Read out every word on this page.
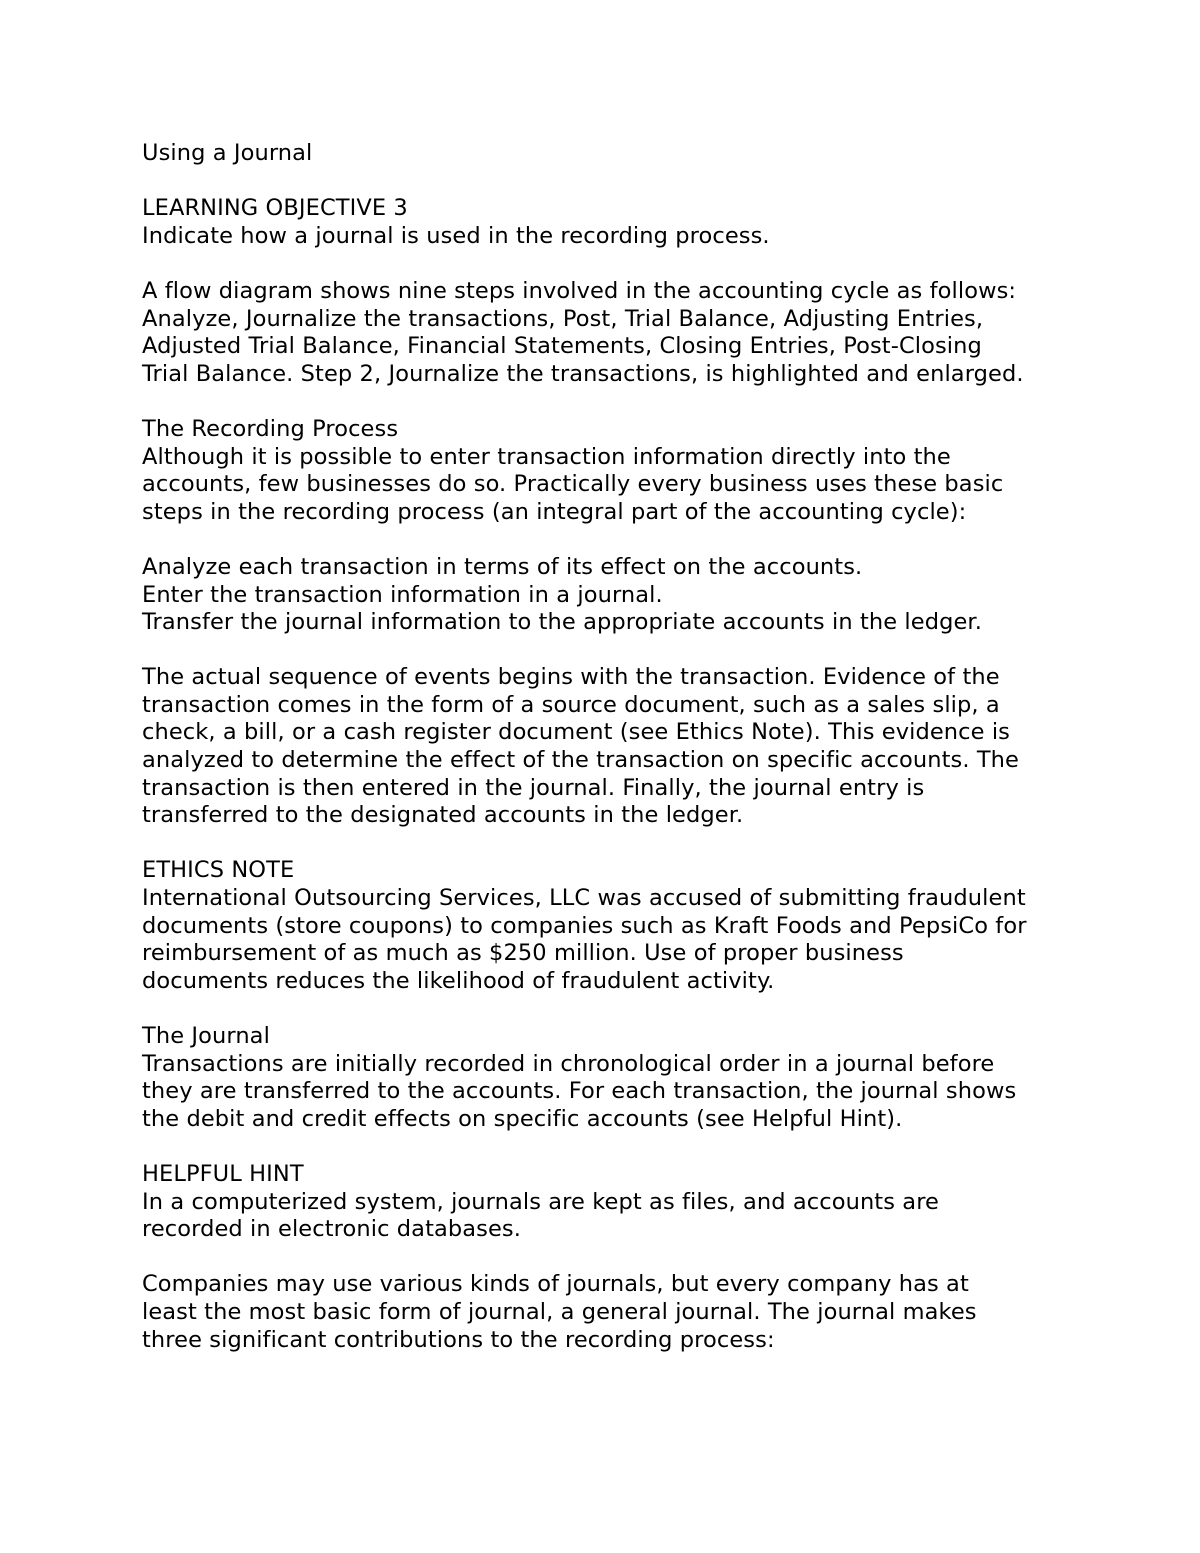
Using a Journal
LEARNING OBJECTIVE 3
Indicate how a journal is used in the recording process.
A flow diagram shows nine steps involved in the accounting cycle as follows:
Analyze, Journalize the transactions, Post, Trial Balance, Adjusting Entries,
Adjusted Trial Balance, Financial Statements, Closing Entries, Post-Closing
Trial Balance. Step 2, Journalize the transactions, is highlighted and enlarged.
The Recording Process
Although it is possible to enter transaction information directly into the
accounts, few businesses do so. Practically every business uses these basic
steps in the recording process (an integral part of the accounting cycle):
Analyze each transaction in terms of its effect on the accounts.
Enter the transaction information in a journal.
Transfer the journal information to the appropriate accounts in the ledger.
The actual sequence of events begins with the transaction. Evidence of the
transaction comes in the form of a source document, such as a sales slip, a
check, a bill, or a cash register document (see Ethics Note). This evidence is
analyzed to determine the effect of the transaction on specific accounts. The
transaction is then entered in the journal. Finally, the journal entry is
transferred to the designated accounts in the ledger.
ETHICS NOTE
International Outsourcing Services, LLC was accused of submitting fraudulent
documents (store coupons) to companies such as Kraft Foods and PepsiCo for
reimbursement of as much as $250 million. Use of proper business
documents reduces the likelihood of fraudulent activity.
The Journal
Transactions are initially recorded in chronological order in a journal before
they are transferred to the accounts. For each transaction, the journal shows
the debit and credit effects on specific accounts (see Helpful Hint).
HELPFUL HINT
In a computerized system, journals are kept as files, and accounts are
recorded in electronic databases.
Companies may use various kinds of journals, but every company has at
least the most basic form of journal, a general journal. The journal makes
three significant contributions to the recording process:
